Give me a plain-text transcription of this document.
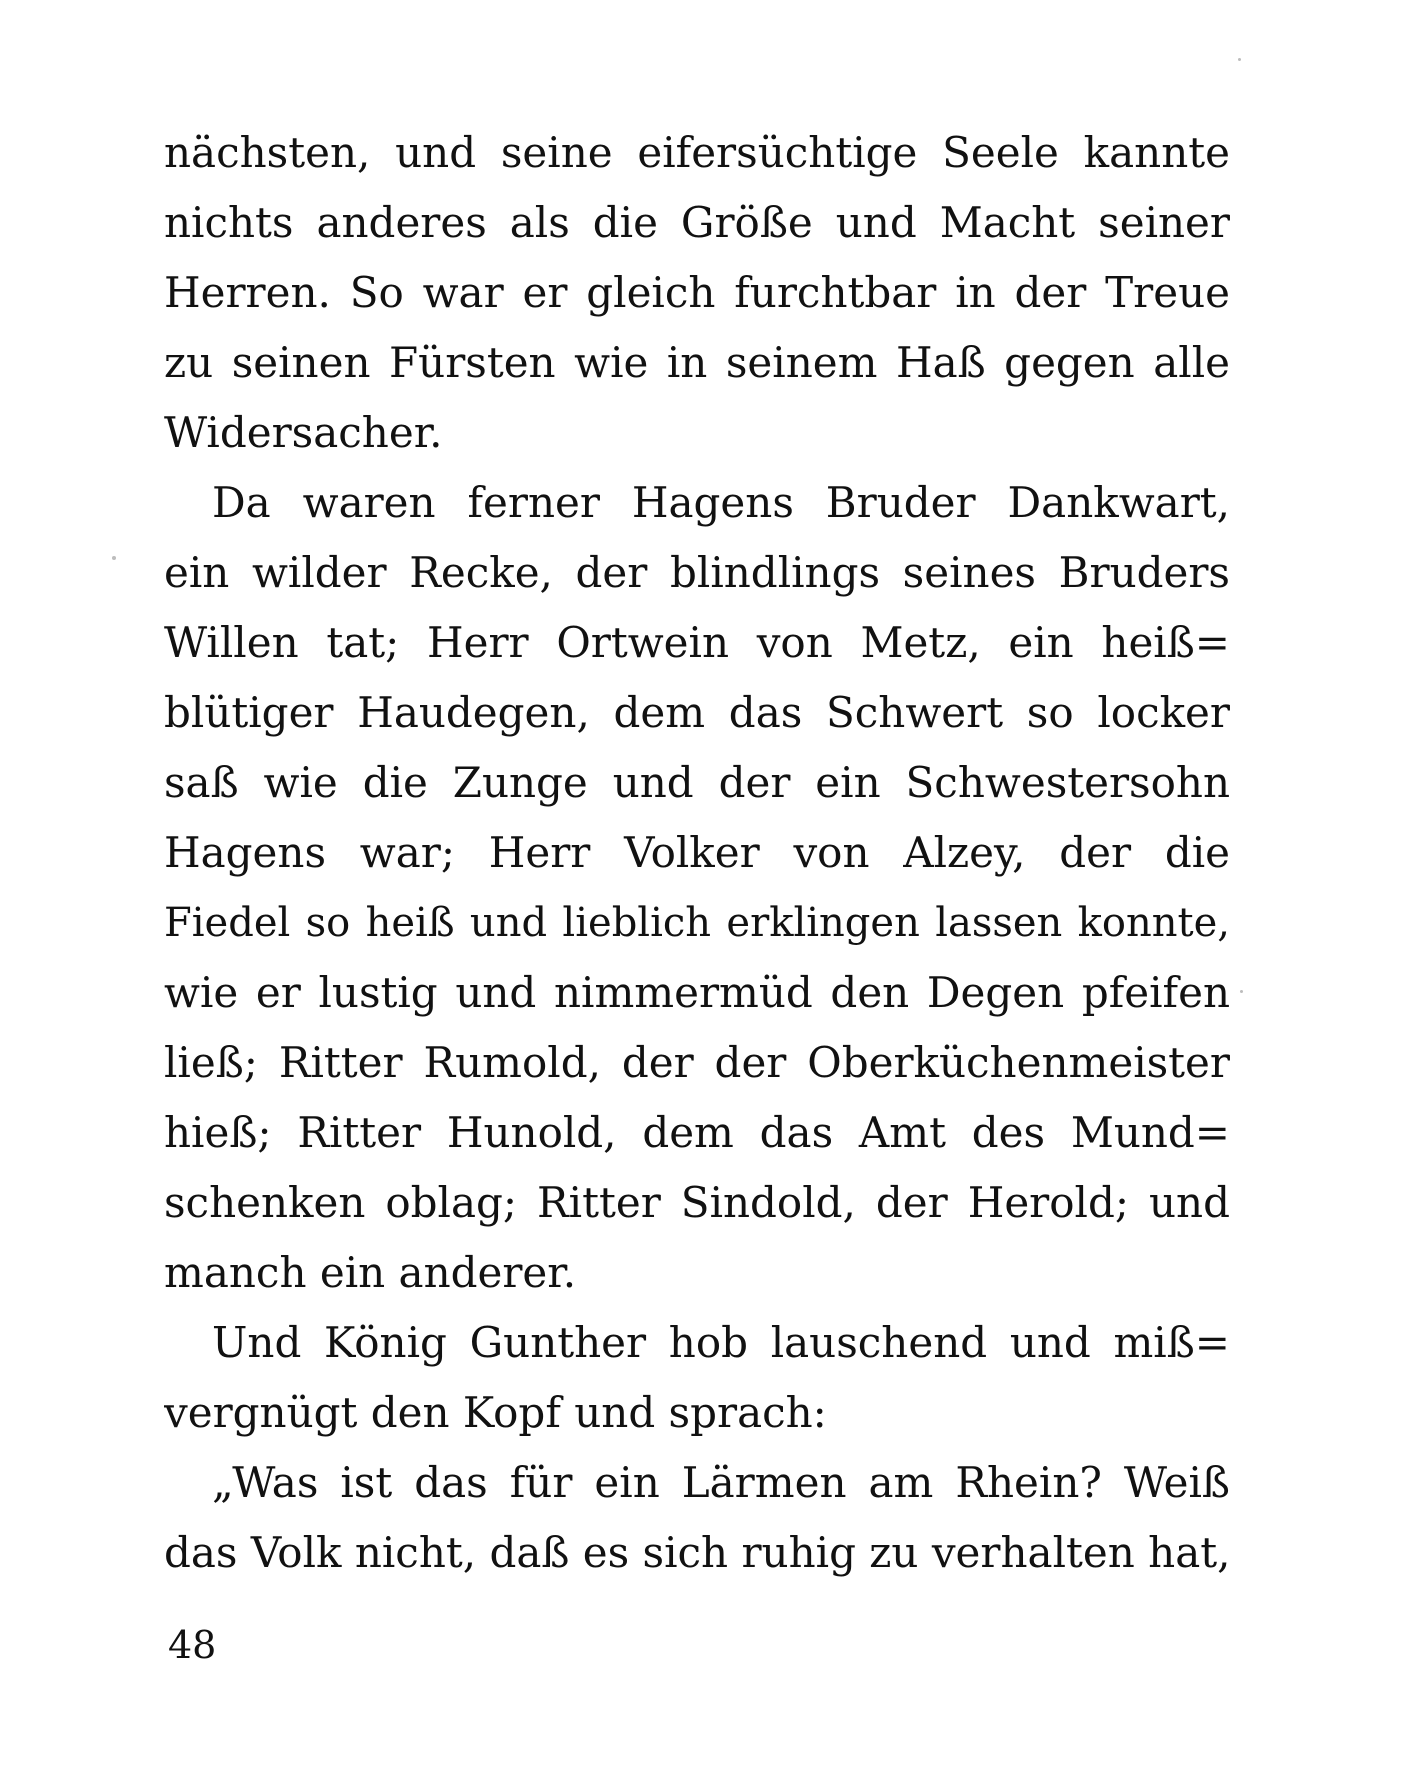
nächsten, und seine eifersüchtige Seele kannte
nichts anderes als die Größe und Macht seiner
Herren. So war er gleich furchtbar in der Treue
zu seinen Fürsten wie in seinem Haß gegen alle
Widersacher.
Da waren ferner Hagens Bruder Dankwart,
ein wilder Recke, der blindlings seines Bruders
Willen tat; Herr Ortwein von Metz, ein heiß=
blütiger Haudegen, dem das Schwert so locker
saß wie die Zunge und der ein Schwestersohn
Hagens war; Herr Volker von Alzey, der die
Fiedel so heiß und lieblich erklingen lassen konnte,
wie er lustig und nimmermüd den Degen pfeifen
ließ; Ritter Rumold, der der Oberküchenmeister
hieß; Ritter Hunold, dem das Amt des Mund=
schenken oblag; Ritter Sindold, der Herold; und
manch ein anderer.
Und König Gunther hob lauschend und miß=
vergnügt den Kopf und sprach:
„Was ist das für ein Lärmen am Rhein? Weiß
das Volk nicht, daß es sich ruhig zu verhalten hat,
48
